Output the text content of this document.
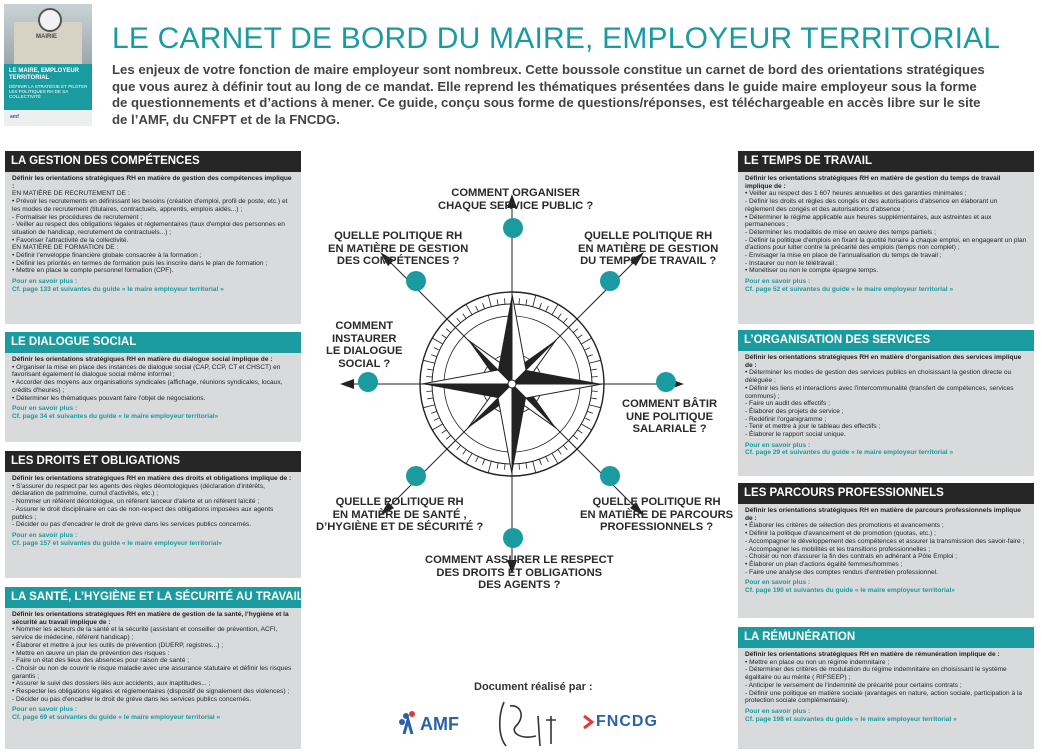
MAIRIE
LE MAIRE, EMPLOYEUR TERRITORIAL
DÉFINIR LA STRATÉGIE ET PILOTER LES POLITIQUES RH DE SA COLLECTIVITÉ
amf
LE CARNET DE BORD DU MAIRE, EMPLOYEUR TERRITORIAL
Les enjeux de votre fonction de maire employeur sont nombreux. Cette boussole constitue un carnet de bord des orientations stratégiques que vous aurez à définir tout au long de ce mandat. Elle reprend les thématiques présentées dans le guide maire employeur sous la forme de questionnements et d’actions à mener. Ce guide, conçu sous forme de questions/réponses, est téléchargeable en accès libre sur le site de l’AMF, du CNFPT et de la FNCDG.
LA GESTION DES COMPÉTENCES
Définir les orientations stratégiques RH en matière de gestion des compétences implique :
EN MATIÈRE DE RECRUTEMENT DE :
• Prévoir les recrutements en définissant les besoins (création d'emploi, profil de poste, etc.) et les modes de recrutement (titulaires, contractuels, apprentis, emplois aidés...) ;
- Formaliser les procédures de recrutement ;
- Veiller au respect des obligations légales et réglementaires (taux d'emploi des personnes en situation de handicap, recrutement de contractuels...) ;
• Favoriser l'attractivité de la collectivité.
EN MATIÈRE DE FORMATION DE :
• Définir l'enveloppe financière globale consacrée à la formation ;
• Définir les priorités en termes de formation puis les inscrire dans le plan de formation ;
• Mettre en place le compte personnel formation (CPF).
Pour en savoir plus :
Cf. page 133 et suivantes du guide « le maire employeur territorial »
LE DIALOGUE SOCIAL
Définir les orientations stratégiques RH en matière du dialogue social implique de :
• Organiser la mise en place des instances de dialogue social (CAP, CCP, CT et CHSCT) en favorisant également le dialogue social même informel ;
• Accorder des moyens aux organisations syndicales (affichage, réunions syndicales, locaux, crédits d'heures) ;
• Déterminer les thématiques pouvant faire l'objet de négociations.
Pour en savoir plus :
Cf. page 34 et suivantes du guide « le maire employeur territorial»
LES DROITS ET OBLIGATIONS
Définir les orientations stratégiques RH en matière des droits et obligations implique de :
• S'assurer du respect par les agents des règles déontologiques (déclaration d'intérêts, déclaration de patrimoine, cumul d'activités, etc.) ;
- Nommer un référent déontologue, un référent lanceur d'alerte et un référent laïcité ;
- Assurer le droit disciplinaire en cas de non-respect des obligations imposées aux agents publics ;
- Décider ou pas d'encadrer le droit de grève dans les services publics concernés.
Pour en savoir plus :
Cf. page 157 et suivantes du guide « le maire employeur territorial»
LA SANTÉ, L’HYGIÈNE ET LA SÉCURITÉ AU TRAVAIL
Définir les orientations stratégiques RH en matière de gestion de la santé, l’hygiène et la sécurité au travail implique de :
• Nommer les acteurs de la santé et la sécurité (assistant et conseiller de prévention, ACFI, service de médecine, référent handicap) ;
• Élaborer et mettre à jour les outils de prévention (DUERP, registres...) ;
• Mettre en œuvre un plan de prévention des risques :
- Faire un état des lieux des absences pour raison de santé ;
- Choisir ou non de couvrir le risque maladie avec une assurance statutaire et définir les risques garantis ;
• Assurer le suivi des dossiers liés aux accidents, aux inaptitudes... ;
• Respecter les obligations légales et réglementaires (dispositif de signalement des violences) ;
- Décider ou pas d'encadrer le droit de grève dans les services publics concernés.
Pour en savoir plus :
Cf. page 69 et suivantes du guide « le maire employeur territorial »
LE TEMPS DE TRAVAIL
Définir les orientations stratégiques RH en matière de gestion du temps de travail implique de :
• Veiller au respect des 1 607 heures annuelles et des garanties minimales ;
- Définir les droits et règles des congés et des autorisations d'absence en élaborant un règlement des congés et des autorisations d'absence ;
• Déterminer le régime applicable aux heures supplémentaires, aux astreintes et aux permanences ;
- Déterminer les modalités de mise en œuvre des temps partiels ;
- Définir la politique d'emplois en fixant la quotité horaire à chaque emploi, en engageant un plan d'actions pour lutter contre la précarité des emplois (temps non complet) ;
- Envisager la mise en place de l'annualisation du temps de travail ;
- Instaurer ou non le télétravail ;
• Monétiser ou non le compte épargne temps.
Pour en savoir plus :
Cf. page 52 et suivantes du guide « le maire employeur territorial »
L’ORGANISATION DES SERVICES
Définir les orientations stratégiques RH en matière d’organisation des services implique de :
• Déterminer les modes de gestion des services publics en choisissant la gestion directe ou déléguée ;
• Définir les liens et interactions avec l'intercommunalité (transfert de compétences, services communs) ;
- Faire un audit des effectifs ;
- Élaborer des projets de service ;
- Redéfinir l'organigramme ;
- Tenir et mettre à jour le tableau des effectifs ;
- Élaborer le rapport social unique.
Pour en savoir plus :
Cf. page 29 et suivantes du guide « le maire employeur territorial »
LES PARCOURS PROFESSIONNELS
Définir les orientations stratégiques RH en matière de parcours professionnels implique de :
• Élaborer les critères de sélection des promotions et avancements ;
• Définir la politique d'avancement et de promotion (quotas, etc.) ;
- Accompagner le développement des compétences et assurer la transmission des savoir-faire ;
- Accompagner les mobilités et les transitions professionnelles ;
- Choisir ou non d'assurer la fin des contrats en adhérant à Pôle Emploi ;
• Élaborer un plan d'actions égalité femmes/hommes ;
- Faire une analyse des comptes rendus d'entretien professionnel.
Pour en savoir plus :
Cf. page 190 et suivantes du guide « le maire employeur territorial»
LA RÉMUNÉRATION
Définir les orientations stratégiques RH en matière de rémunération implique de :
• Mettre en place ou non un régime indemnitaire ;
- Déterminer des critères de modulation du régime indemnitaire en choisissant le système égalitaire ou au mérite ( RIFSEEP) ;
- Anticiper le versement de l'indemnité de précarité pour certains contrats ;
- Définir une politique en matière sociale (avantages en nature, action sociale, participation à la protection sociale complémentaire).
Pour en savoir plus :
Cf. page 198 et suivantes du guide « le maire employeur territorial »
COMMENT ORGANISER
CHAQUE SERVICE PUBLIC ?
QUELLE POLITIQUE RH
EN MATIÈRE DE GESTION
DES COMPÉTENCES ?
QUELLE POLITIQUE RH
EN MATIÈRE DE GESTION
DU TEMPS DE TRAVAIL ?
COMMENT
INSTAURER
LE DIALOGUE
SOCIAL ?
COMMENT BÂTIR
UNE POLITIQUE
SALARIALE ?
QUELLE POLITIQUE RH
EN MATIÈRE DE SANTÉ ,
D’HYGIÈNE ET DE SÉCURITÉ ?
QUELLE POLITIQUE RH
EN MATIÈRE DE PARCOURS
PROFESSIONNELS ?
COMMENT ASSURER LE RESPECT
DES DROITS ET OBLIGATIONS
DES AGENTS ?
Document réalisé par :
AMF	FNCDG
